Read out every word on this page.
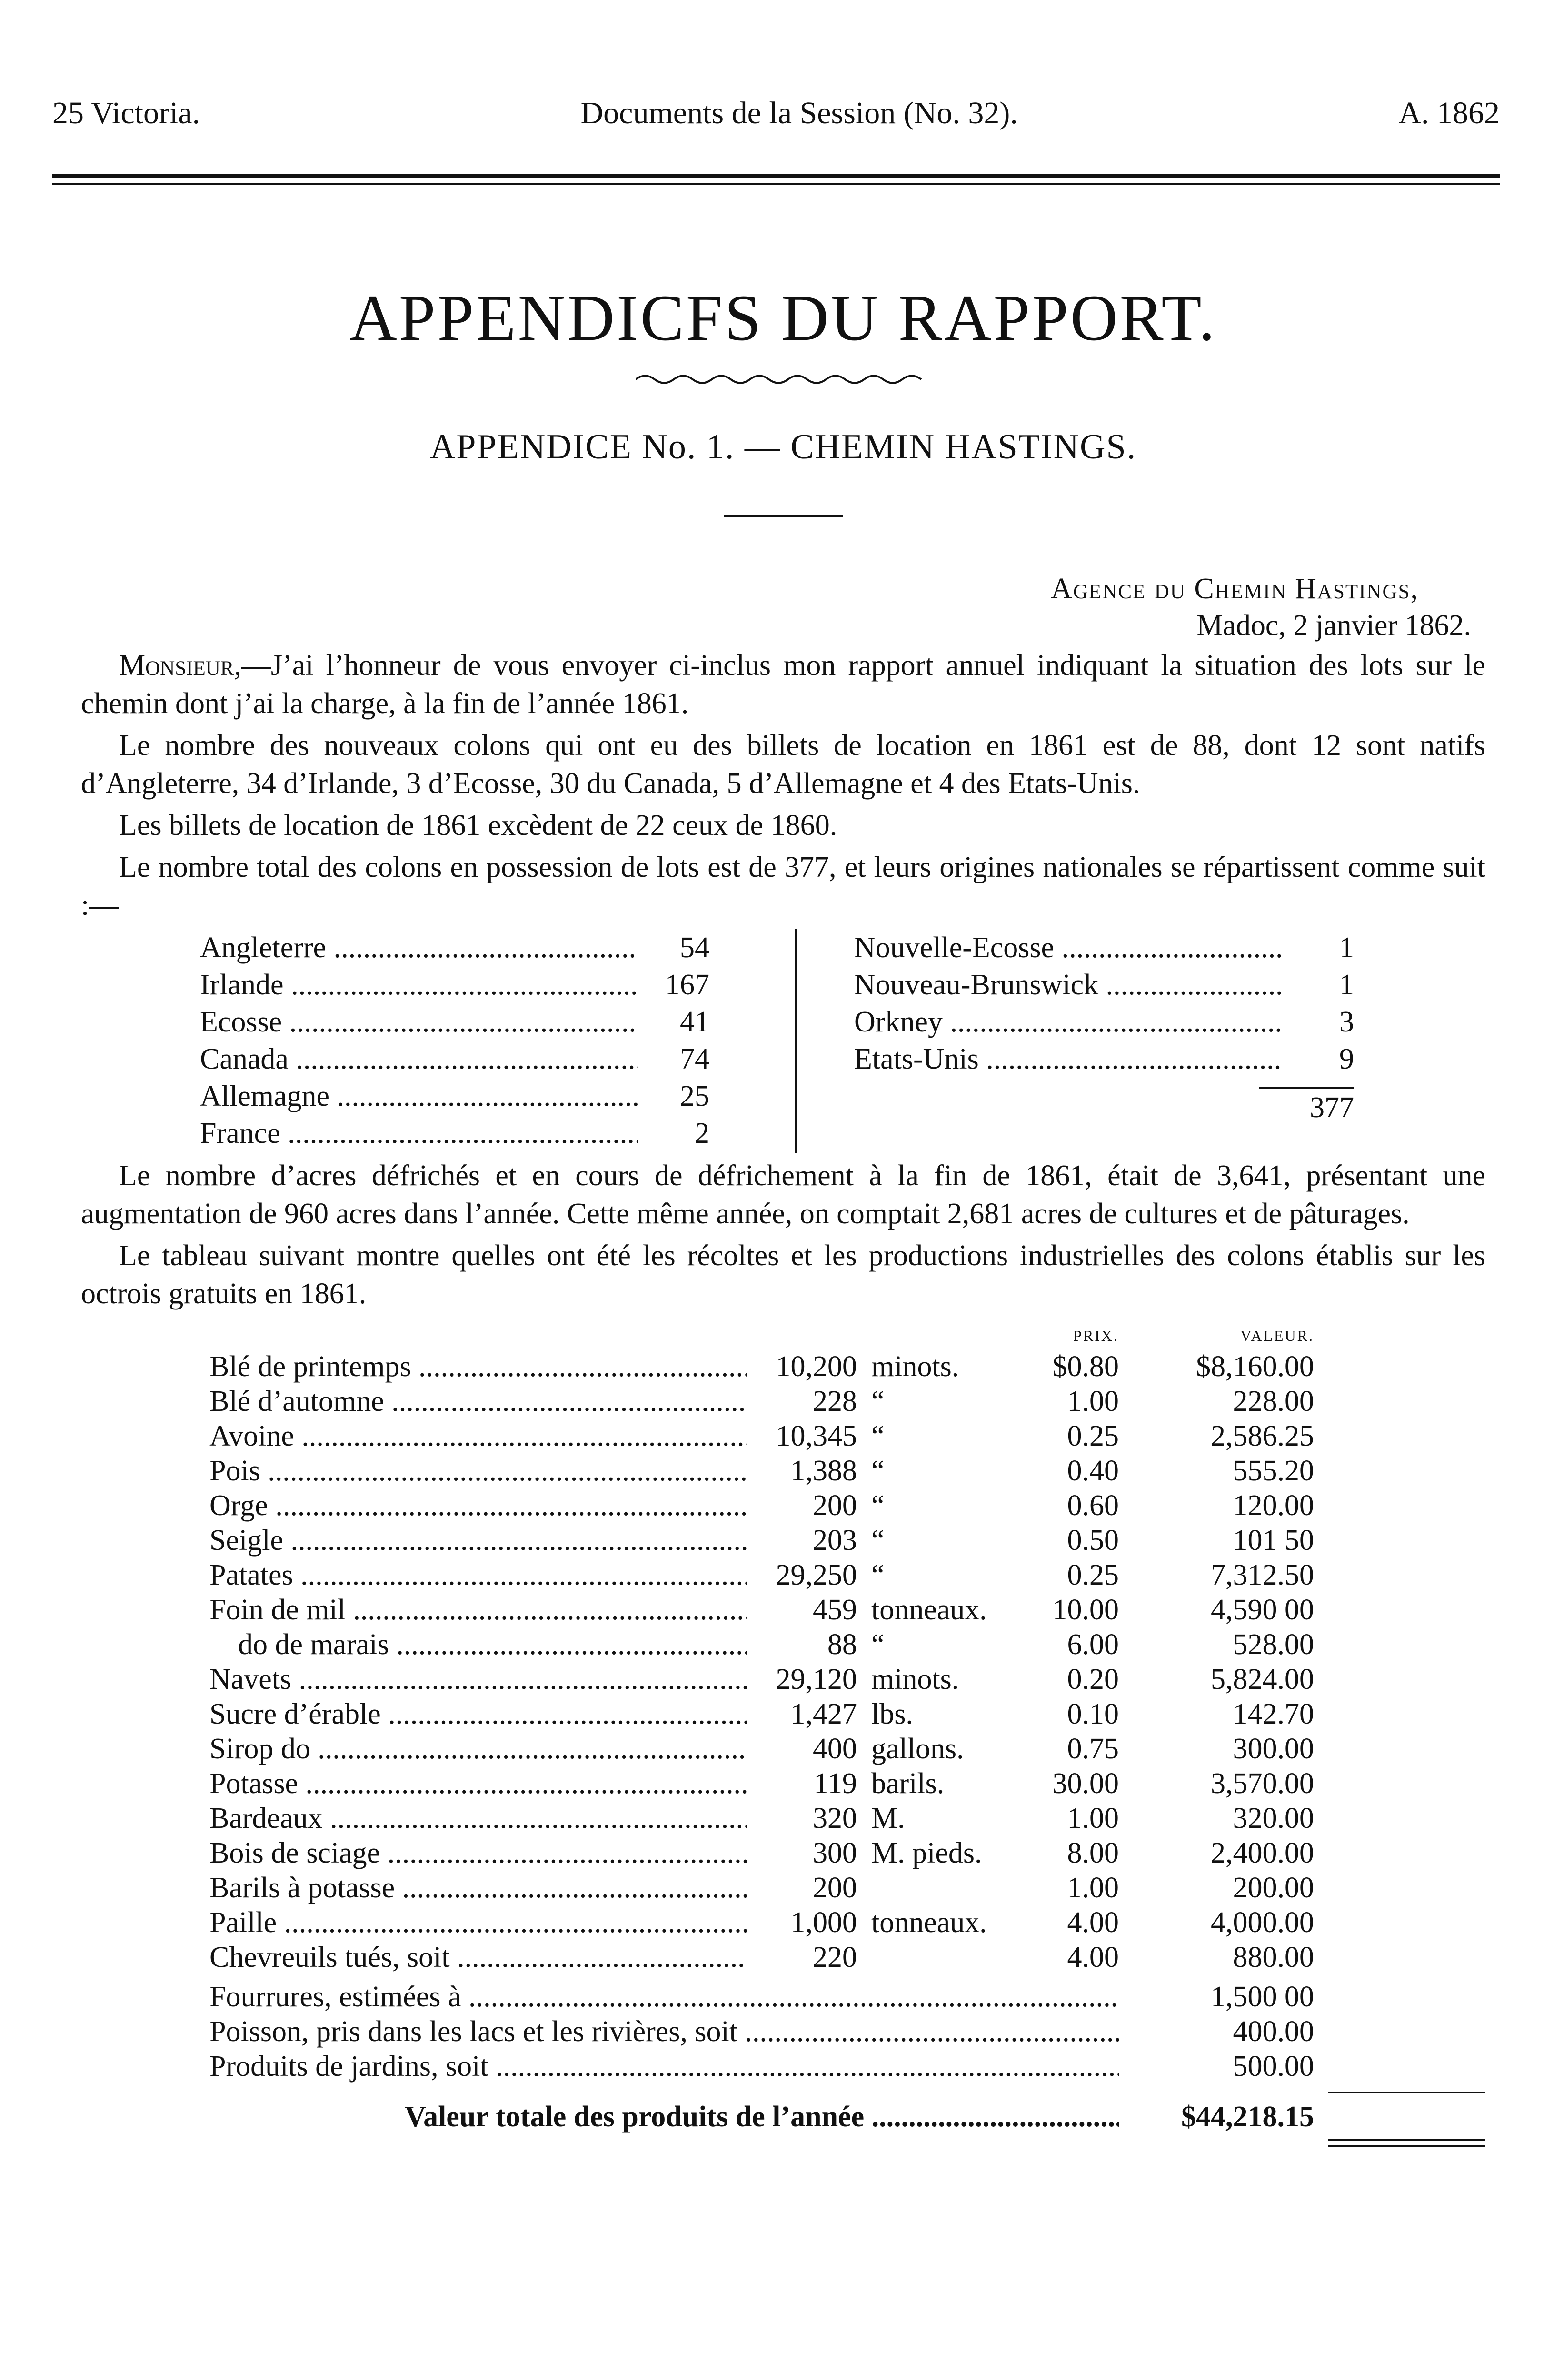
25 Victoria.	Documents de la Session (No. 32).	A. 1862
APPENDICFS DU RAPPORT.
APPENDICE No. 1. — CHEMIN HASTINGS.
Agence du Chemin Hastings,
Madoc, 2 janvier 1862.
Monsieur,—J’ai l’honneur de vous envoyer ci-inclus mon rapport annuel indiquant la situation des lots sur le chemin dont j’ai la charge, à la fin de l’année 1861.
Le nombre des nouveaux colons qui ont eu des billets de location en 1861 est de 88, dont 12 sont natifs d’Angleterre, 34 d’Irlande, 3 d’Ecosse, 30 du Canada, 5 d’Allemagne et 4 des Etats-Unis.
Les billets de location de 1861 excèdent de 22 ceux de 1860.
Le nombre total des colons en possession de lots est de 377, et leurs origines nationales se répartissent comme suit :—
Angleterre .....	54
Irlande .....	167
Ecosse .....	41
Canada .....	74
Allemagne .....	25
France .....	2
Nouvelle-Ecosse .....	1
Nouveau-Brunswick .....	1
Orkney .....	3
Etats-Unis .....	9
377
Le nombre d’acres défrichés et en cours de défrichement à la fin de 1861, était de 3,641, présentant une augmentation de 960 acres dans l’année. Cette même année, on comptait 2,681 acres de cultures et de pâturages.
Le tableau suivant montre quelles ont été les récoltes et les productions industrielles des colons établis sur les octrois gratuits en 1861.
PRIX.	VALEUR.
Blé de printemps .....	10,200 minots.	$0.80	$8,160.00
Blé d’automne .....	228 “	1.00	228.00
Avoine .....	10,345 “	0.25	2,586.25
Pois .....	1,388 “	0.40	555.20
Orge .....	200 “	0.60	120.00
Seigle .....	203 “	0.50	101 50
Patates .....	29,250 “	0.25	7,312.50
Foin de mil .....	459 tonneaux.	10.00	4,590 00
do de marais .....	88 “	6.00	528.00
Navets .....	29,120 minots.	0.20	5,824.00
Sucre d’érable .....	1,427 lbs.	0.10	142.70
Sirop do .....	400 gallons.	0.75	300.00
Potasse .....	119 barils.	30.00	3,570.00
Bardeaux .....	320 M.	1.00	320.00
Bois de sciage .....	300 M. pieds.	8.00	2,400.00
Barils à potasse .....	200	1.00	200.00
Paille .....	1,000 tonneaux.	4.00	4,000.00
Chevreuils tués, soit .....	220	4.00	880.00
Fourrures, estimées à .....	1,500 00
Poisson, pris dans les lacs et les rivières, soit .....	400.00
Produits de jardins, soit .....	500.00
Valeur totale des produits de l’année .....	$44,218.15
